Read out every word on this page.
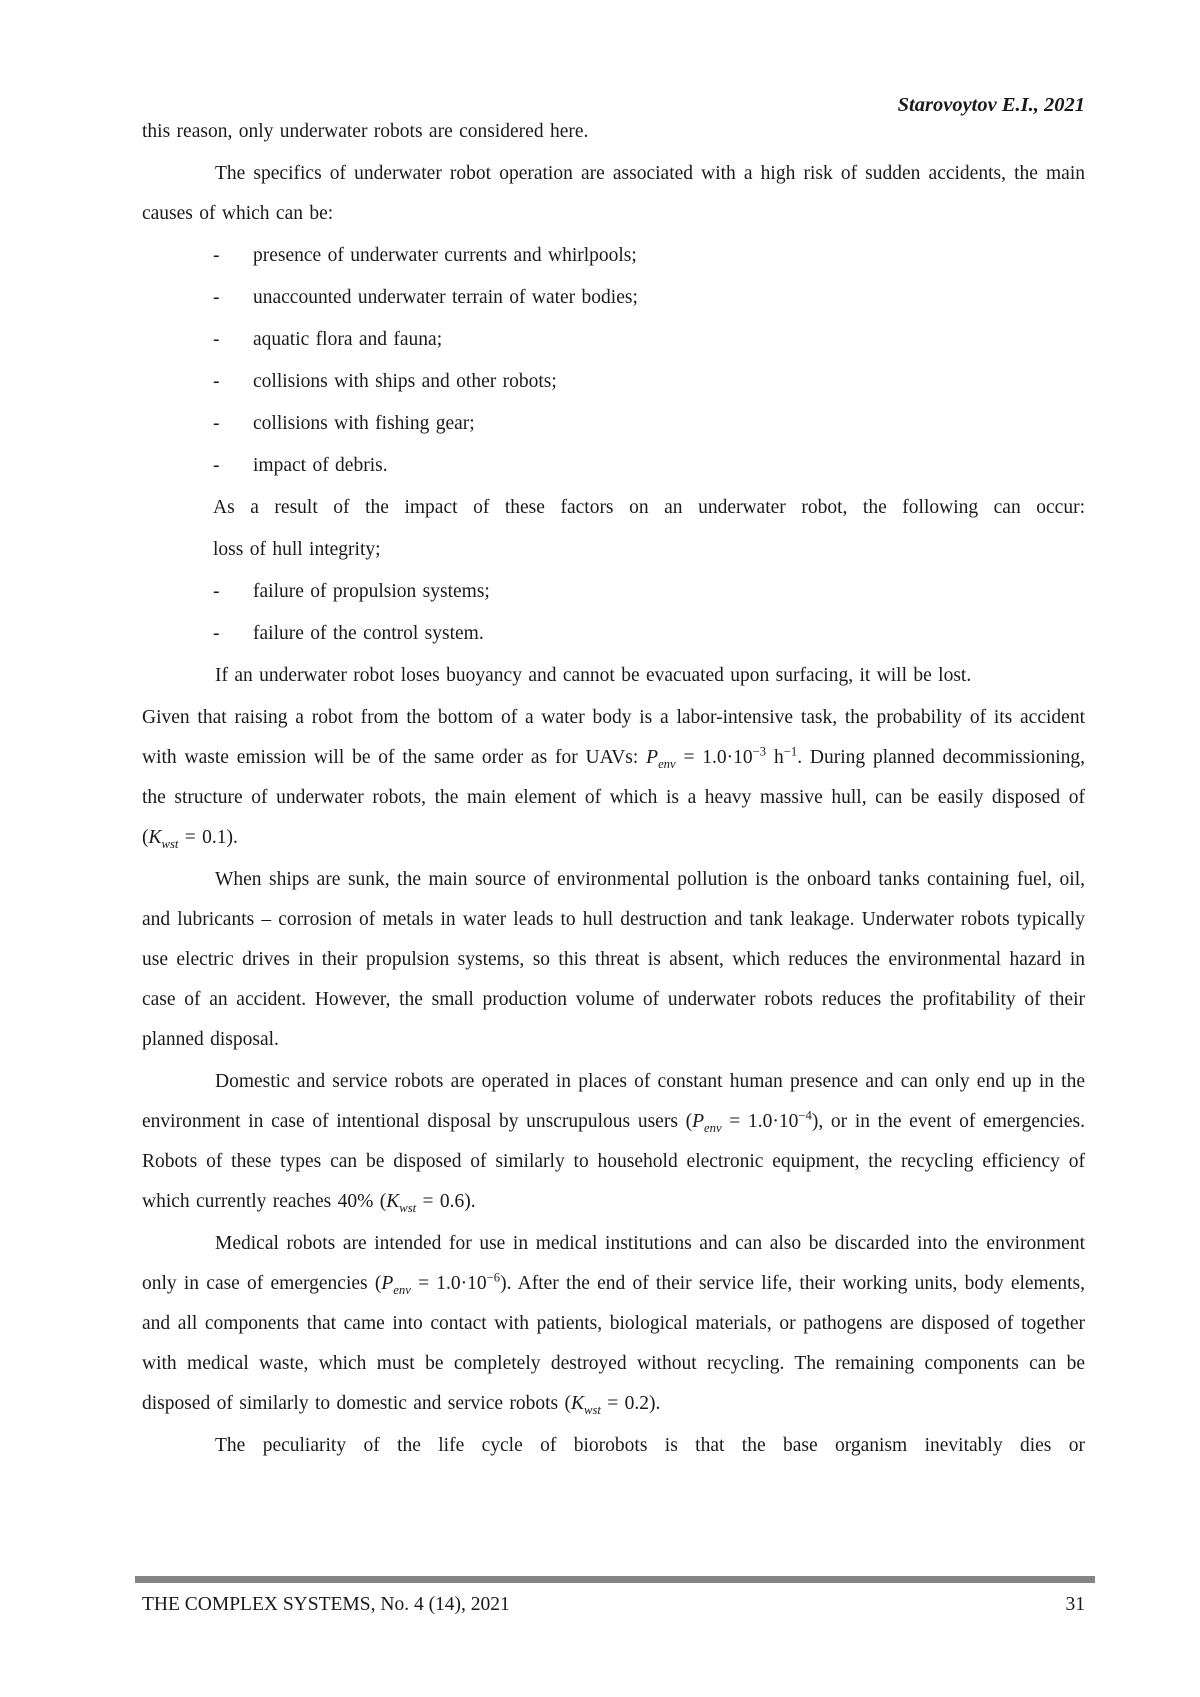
Starovoytov E.I., 2021
this reason, only underwater robots are considered here.
The specifics of underwater robot operation are associated with a high risk of sudden accidents, the main causes of which can be:
-	presence of underwater currents and whirlpools;
-	unaccounted underwater terrain of water bodies;
-	aquatic flora and fauna;
-	collisions with ships and other robots;
-	collisions with fishing gear;
-	impact of debris.
As a result of the impact of these factors on an underwater robot, the following can occur:
loss of hull integrity;
-	failure of propulsion systems;
-	failure of the control system.
If an underwater robot loses buoyancy and cannot be evacuated upon surfacing, it will be lost.
Given that raising a robot from the bottom of a water body is a labor-intensive task, the probability of its accident with waste emission will be of the same order as for UAVs: $P_{env} = 1.0\cdot 10^{-3}$ $h^{-1}$. During planned decommissioning, the structure of underwater robots, the main element of which is a heavy massive hull, can be easily disposed of $(K_{wst} = 0.1)$.
When ships are sunk, the main source of environmental pollution is the onboard tanks containing fuel, oil, and lubricants – corrosion of metals in water leads to hull destruction and tank leakage. Underwater robots typically use electric drives in their propulsion systems, so this threat is absent, which reduces the environmental hazard in case of an accident. However, the small production volume of underwater robots reduces the profitability of their planned disposal.
Domestic and service robots are operated in places of constant human presence and can only end up in the environment in case of intentional disposal by unscrupulous users $(P_{env} = 1.0\cdot 10^{-4})$, or in the event of emergencies. Robots of these types can be disposed of similarly to household electronic equipment, the recycling efficiency of which currently reaches 40% $(K_{wst} = 0.6)$.
Medical robots are intended for use in medical institutions and can also be discarded into the environment only in case of emergencies $(P_{env} = 1.0\cdot 10^{-6})$. After the end of their service life, their working units, body elements, and all components that came into contact with patients, biological materials, or pathogens are disposed of together with medical waste, which must be completely destroyed without recycling. The remaining components can be disposed of similarly to domestic and service robots $(K_{wst} = 0.2)$.
The peculiarity of the life cycle of biorobots is that the base organism inevitably dies or
THE COMPLEX SYSTEMS, No. 4 (14), 2021	31
